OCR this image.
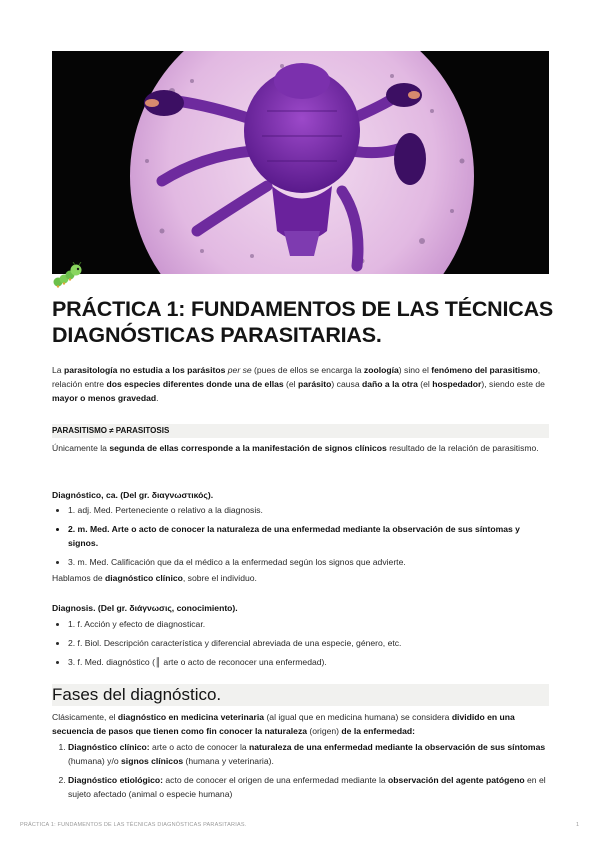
PRÁCTICA 1: FUNDAMENTOS DE LAS TÉCNICAS DIAGNÓSTICAS PARASITARIAS.

La parasitología no estudia a los parásitos per se (pues de ellos se encarga la zoología) sino el fenómeno del parasitismo, relación entre dos especies diferentes donde una de ellas (el parásito) causa daño a la otra (el hospedador), siendo este de mayor o menos gravedad.

PARASITISMO ≠ PARASITOSIS

Únicamente la segunda de ellas corresponde a la manifestación de signos clínicos resultado de la relación de parasitismo.

Diagnóstico, ca. (Del gr. διαγνωστικός).

• 1. adj. Med. Perteneciente o relativo a la diagnosis.
• 2. m. Med. Arte o acto de conocer la naturaleza de una enfermedad mediante la observación de sus síntomas y signos.
• 3. m. Med. Calificación que da el médico a la enfermedad según los signos que advierte.

Hablamos de diagnóstico clínico, sobre el individuo.

Diagnosis. (Del gr. διάγνωσις, conocimiento).

• 1. f. Acción y efecto de diagnosticar.
• 2. f. Biol. Descripción característica y diferencial abreviada de una especie, género, etc.
• 3. f. Med. diagnóstico (║ arte o acto de reconocer una enfermedad).
Fases del diagnóstico.

Clásicamente, el diagnóstico en medicina veterinaria (al igual que en medicina humana) se considera dividido en una secuencia de pasos que tienen como fin conocer la naturaleza (origen) de la enfermedad:

1. Diagnóstico clínico: arte o acto de conocer la naturaleza de una enfermedad mediante la observación de sus síntomas (humana) y/o signos clínicos (humana y veterinaria).
2. Diagnóstico etiológico: acto de conocer el origen de una enfermedad mediante la observación del agente patógeno en el sujeto afectado (animal o especie humana)
PRÁCTICA 1: FUNDAMENTOS DE LAS TÉCNICAS DIAGNÓSTICAS PARASITARIAS.	1
